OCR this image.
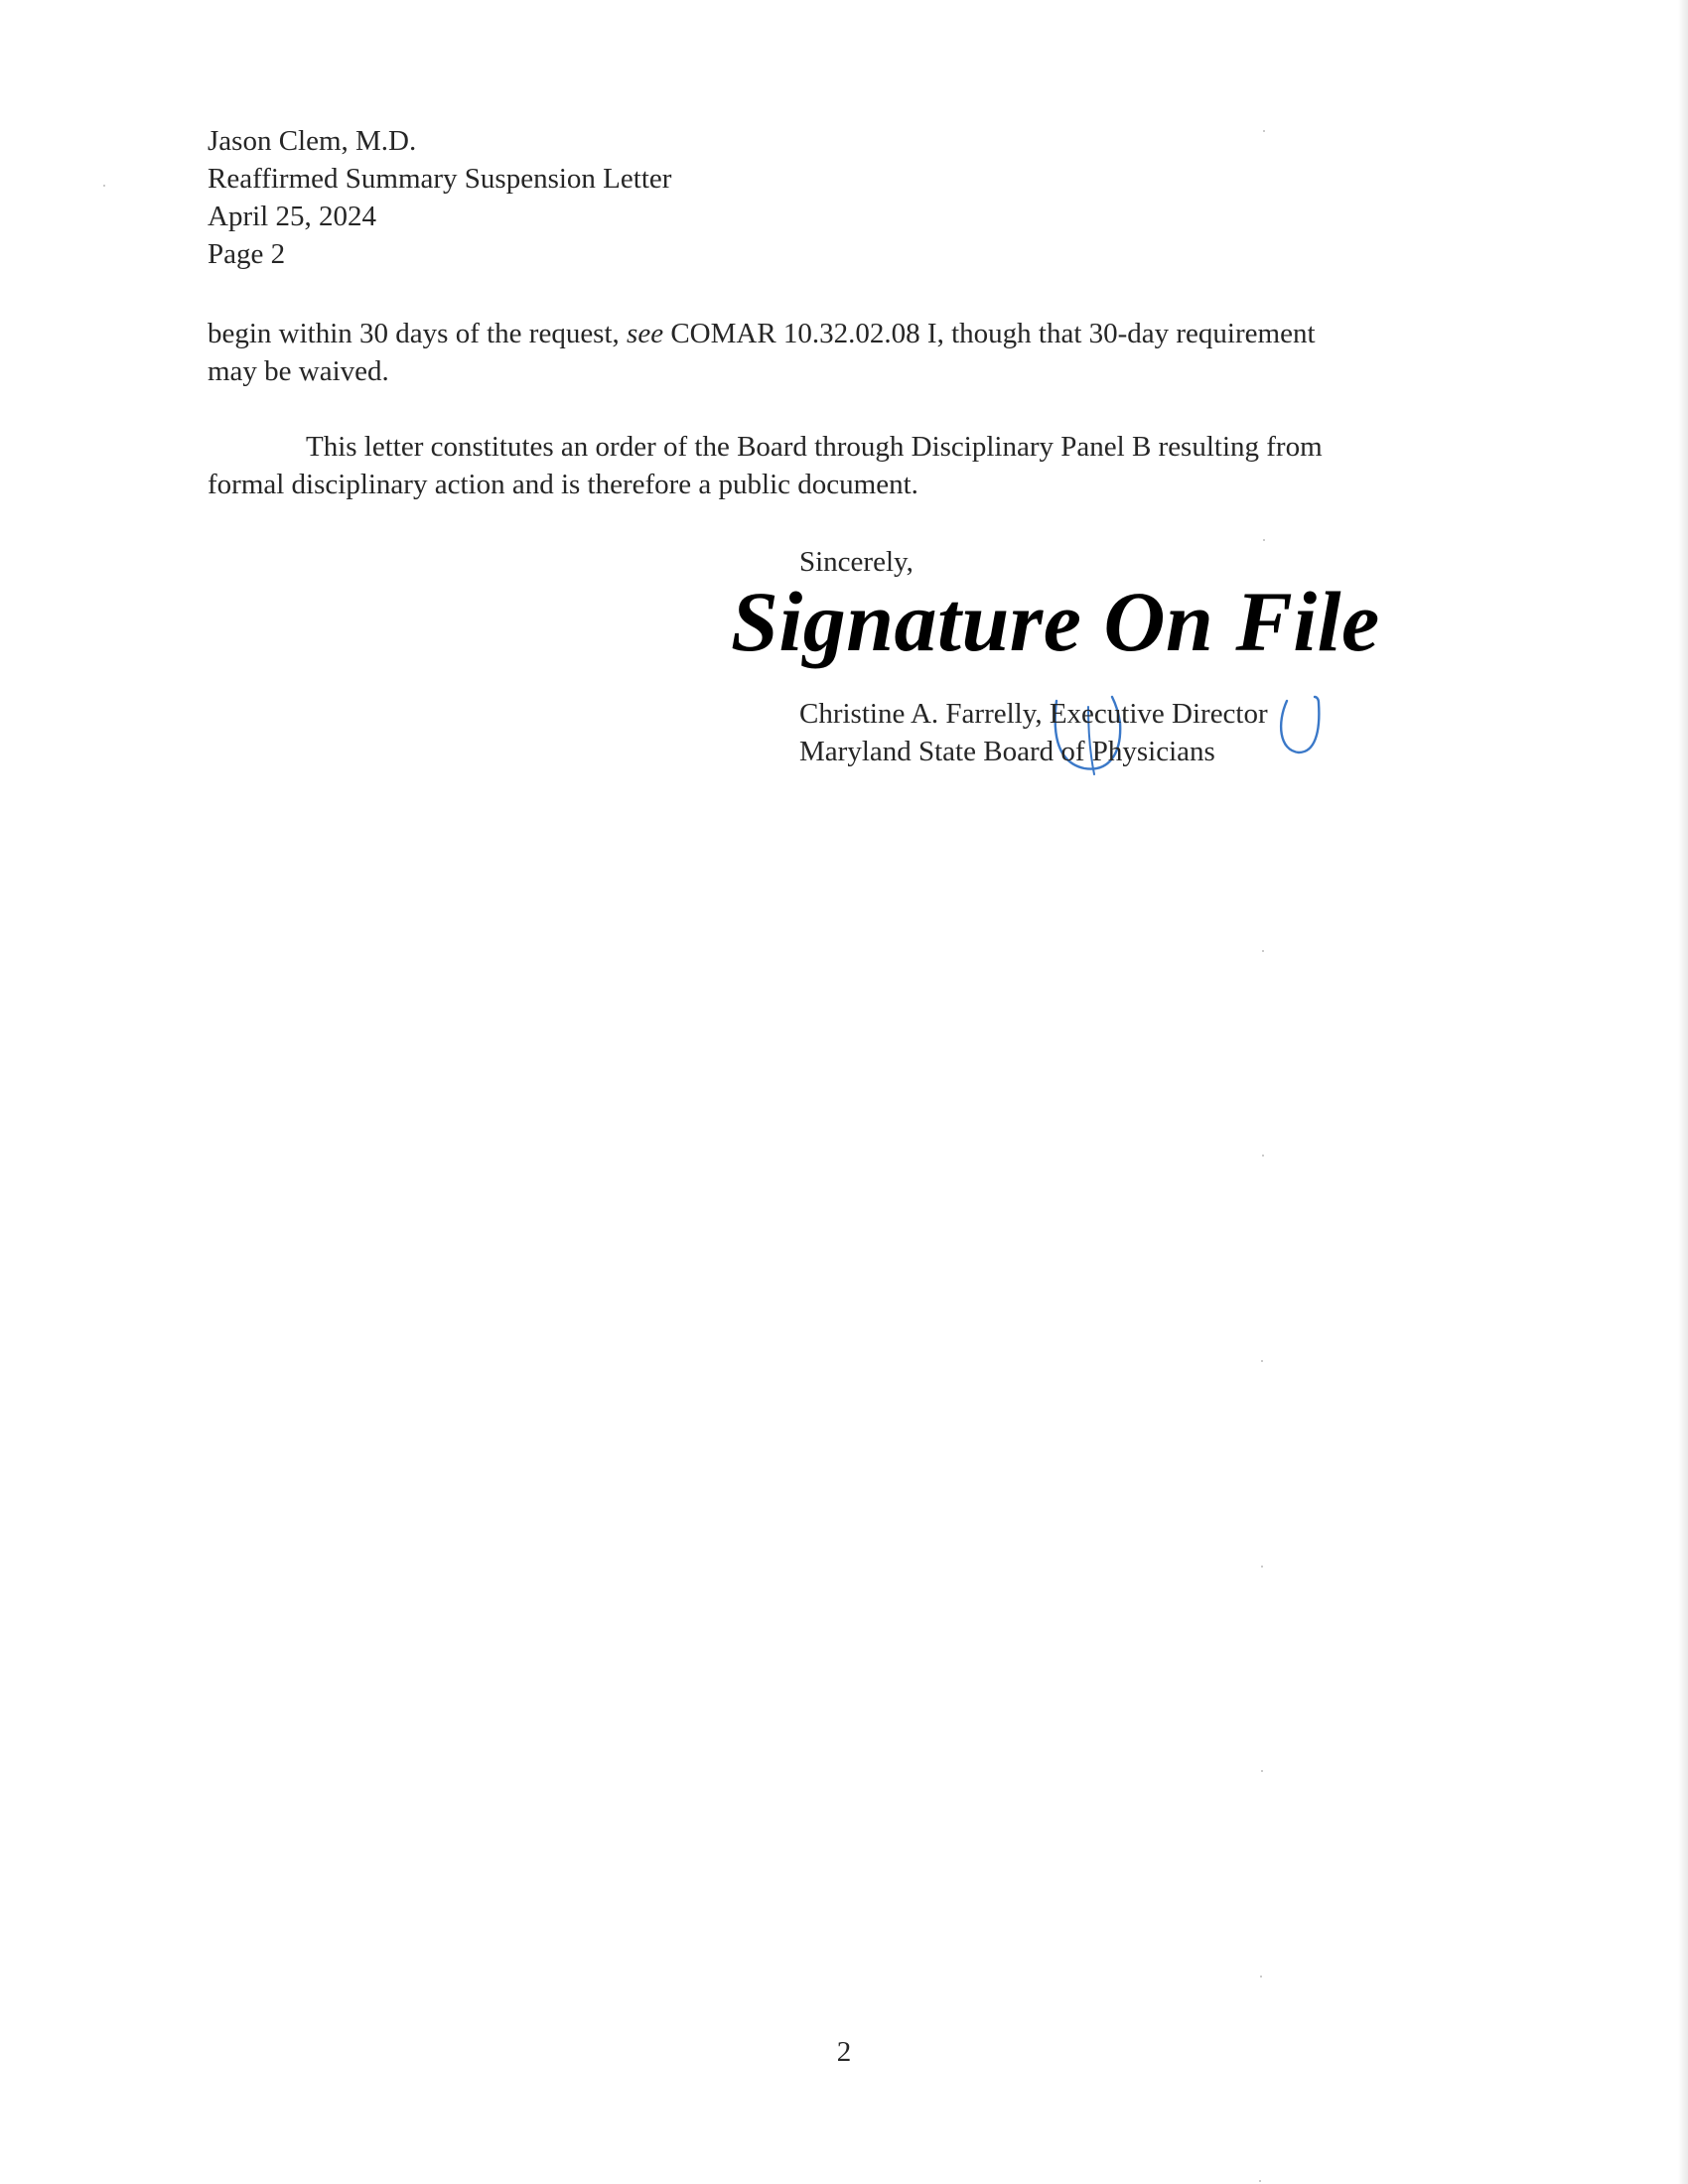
Jason Clem, M.D.
Reaffirmed Summary Suspension Letter
April 25, 2024
Page 2
begin within 30 days of the request, see COMAR 10.32.02.08 I, though that 30-day requirement
may be waived.
This letter constitutes an order of the Board through Disciplinary Panel B resulting from
formal disciplinary action and is therefore a public document.
Sincerely,
Signature On File
Christine A. Farrelly, Executive Director
Maryland State Board of Physicians
2
